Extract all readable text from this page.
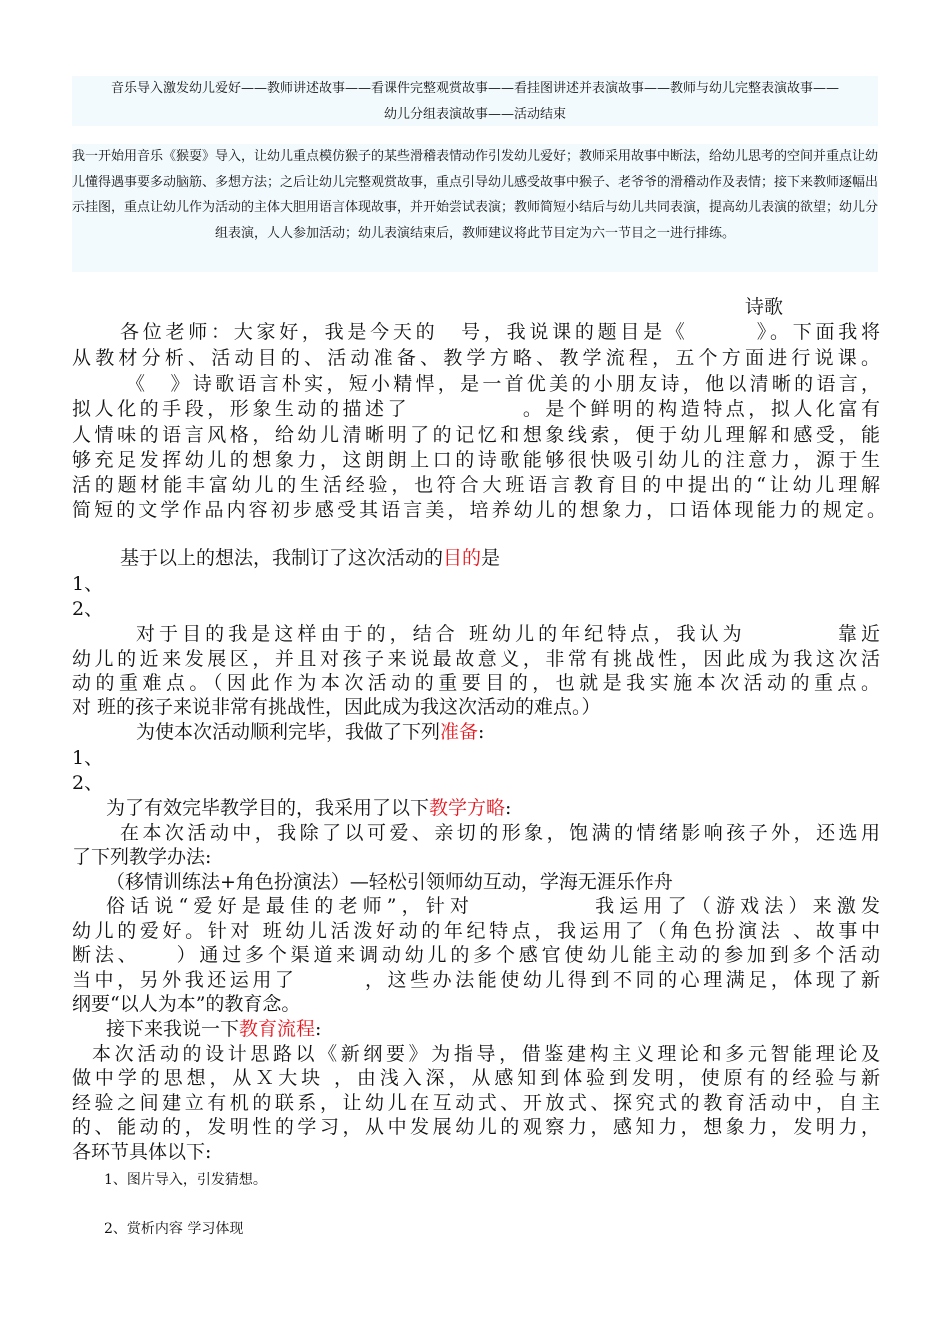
音乐导入激发幼儿爱好——教师讲述故事——看课件完整观赏故事——看挂图讲述并表演故事——教师与幼儿完整表演故事——

幼儿分组表演故事——活动结束

我一开始用音乐《猴耍》导入，让幼儿重点模仿猴子的某些滑稽表情动作引发幼儿爱好；教师采用故事中断法，给幼儿思考的空间并重点让幼儿懂得遇事要多动脑筋、多想方法；之后让幼儿完整观赏故事，重点引导幼儿感受故事中猴子、老爷爷的滑稽动作及表情；接下来教师逐幅出示挂图，重点让幼儿作为活动的主体大胆用语言体现故事，并开始尝试表演；教师简短小结后与幼儿共同表演，提高幼儿表演的欲望；幼儿分组表演，人人参加活动；幼儿表演结束后，教师建议将此节目定为六一节目之一进行排练。

诗歌

各位老师：大家好，我是今天的　号，我说课的题目是《　　　》。下面我将

从教材分析、活动目的、活动准备、教学方略、教学流程，五个方面进行说课。

《　》诗歌语言朴实，短小精悍，是一首优美的小朋友诗，他以清晰的语言，

拟人化的手段，形象生动的描述了　　　　　。是个鲜明的构造特点，拟人化富有

人情味的语言风格，给幼儿清晰明了的记忆和想象线索，便于幼儿理解和感受，能

够充足发挥幼儿的想象力，这朗朗上口的诗歌能够很快吸引幼儿的注意力，源于生

活的题材能丰富幼儿的生活经验，也符合大班语言教育目的中提出的“让幼儿理解

简短的文学作品内容初步感受其语言美，培养幼儿的想象力，口语体现能力的规定。

基于以上的想法，我制订了这次活动的目的是

1、

2、

对于目的我是这样由于的，结合 班幼儿的年纪特点，我认为　　　　靠近

幼儿的近来发展区，并且对孩子来说最故意义，非常有挑战性，因此成为我这次活

动的重难点。（因此作为本次活动的重要目的，也就是我实施本次活动的重点。

对 班的孩子来说非常有挑战性，因此成为我这次活动的难点。）

为使本次活动顺利完毕，我做了下列准备:

1、

2、

为了有效完毕教学目的，我采用了以下教学方略:

在本次活动中，我除了以可爱、亲切的形象，饱满的情绪影响孩子外，还选用

了下列教学办法:

（移情训练法+角色扮演法）—轻松引领师幼互动，学海无涯乐作舟

俗话说“爱好是最佳的老师”，针对　　　　　我运用了（游戏法）来激发

幼儿的爱好。针对 班幼儿活泼好动的年纪特点，我运用了（角色扮演法 、故事中

断法、　　）通过多个渠道来调动幼儿的多个感官使幼儿能主动的参加到多个活动

当中，另外我还运用了　　　，这些办法能使幼儿得到不同的心理满足，体现了新

纲要“以人为本”的教育念。

接下来我说一下教育流程:

本次活动的设计思路以《新纲要》为指导，借鉴建构主义理论和多元智能理论及

做中学的思想，从Ｘ大块 ，由浅入深，从感知到体验到发明，使原有的经验与新

经验之间建立有机的联系，让幼儿在互动式、开放式、探究式的教育活动中，自主

的、能动的，发明性的学习，从中发展幼儿的观察力，感知力，想象力，发明力，

各环节具体以下:

1、图片导入，引发猜想。

2、赏析内容 学习体现
